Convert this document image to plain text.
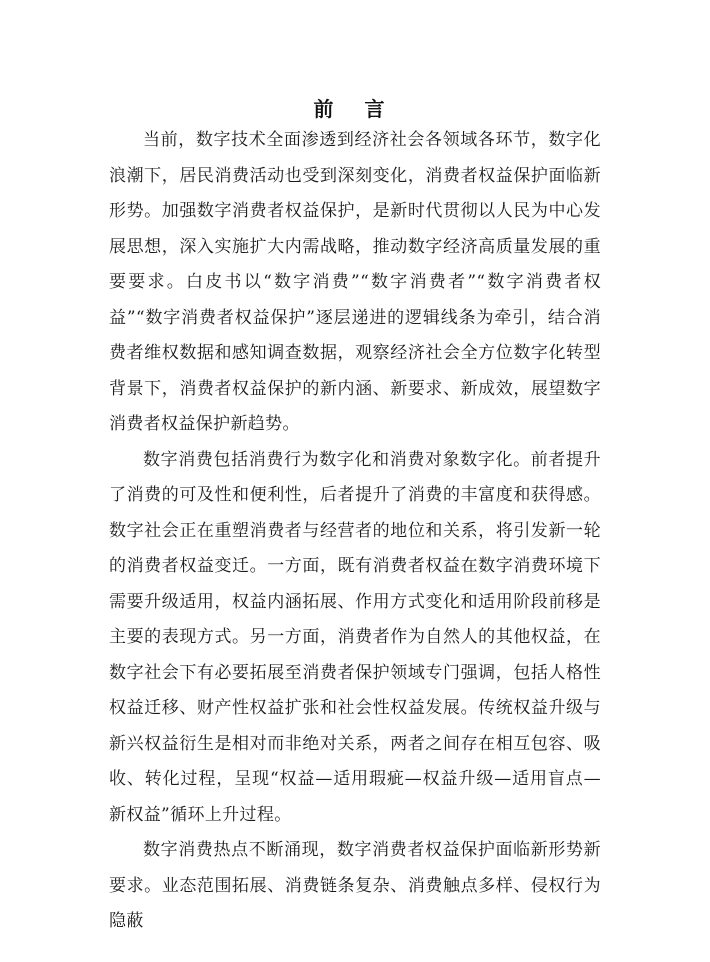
前 言

当前，数字技术全面渗透到经济社会各领域各环节，数字化浪潮下，居民消费活动也受到深刻变化，消费者权益保护面临新形势。加强数字消费者权益保护，是新时代贯彻以人民为中心发展思想，深入实施扩大内需战略，推动数字经济高质量发展的重要要求。白皮书以“数字消费”“数字消费者”“数字消费者权益”“数字消费者权益保护”逐层递进的逻辑线条为牵引，结合消费者维权数据和感知调查数据，观察经济社会全方位数字化转型背景下，消费者权益保护的新内涵、新要求、新成效，展望数字消费者权益保护新趋势。

数字消费包括消费行为数字化和消费对象数字化。前者提升了消费的可及性和便利性，后者提升了消费的丰富度和获得感。数字社会正在重塑消费者与经营者的地位和关系，将引发新一轮的消费者权益变迁。一方面，既有消费者权益在数字消费环境下需要升级适用，权益内涵拓展、作用方式变化和适用阶段前移是主要的表现方式。另一方面，消费者作为自然人的其他权益，在数字社会下有必要拓展至消费者保护领域专门强调，包括人格性权益迁移、财产性权益扩张和社会性权益发展。传统权益升级与新兴权益衍生是相对而非绝对关系，两者之间存在相互包容、吸收、转化过程，呈现“权益—适用瑕疵—权益升级—适用盲点—新权益”循环上升过程。

数字消费热点不断涌现，数字消费者权益保护面临新形势新要求。业态范围拓展、消费链条复杂、消费触点多样、侵权行为隐蔽
